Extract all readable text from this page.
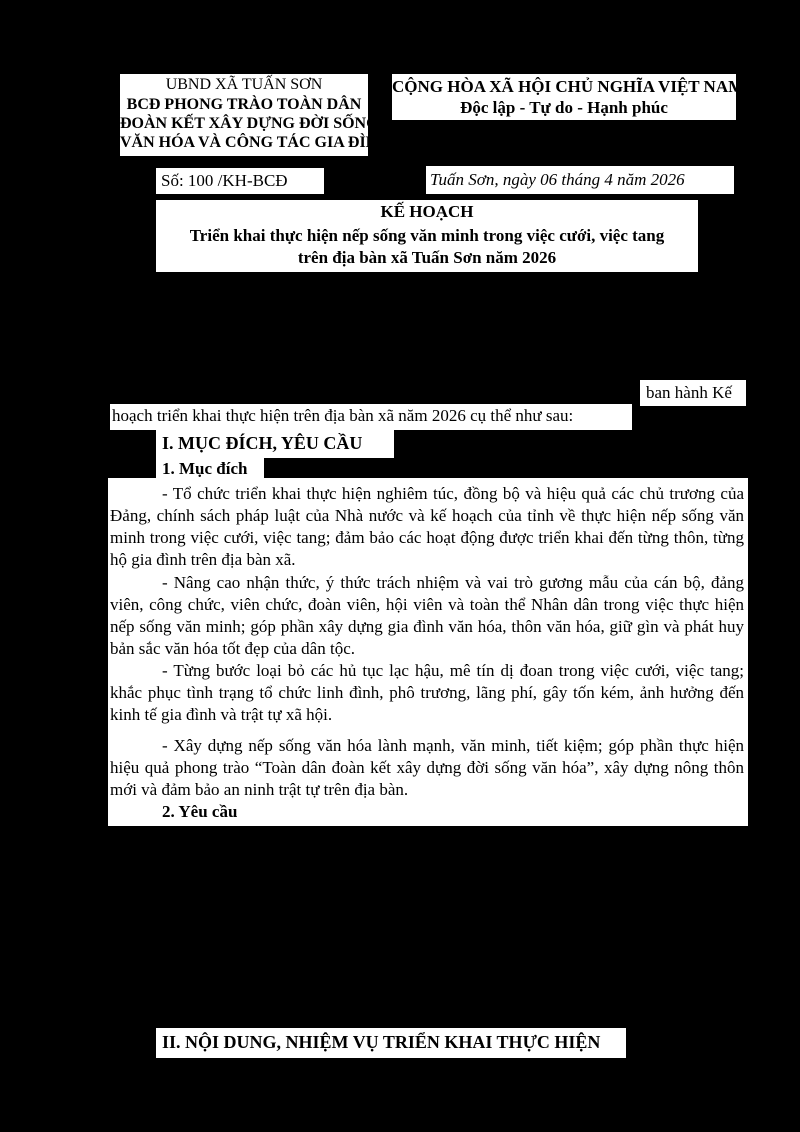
UBND XÃ TUẤN SƠN
BCĐ PHONG TRÀO TOÀN DÂN
ĐOÀN KẾT XÂY DỰNG ĐỜI SỐNG
VĂN HÓA VÀ CÔNG TÁC GIA ĐÌNH
CỘNG HÒA XÃ HỘI CHỦ NGHĨA VIỆT NAM
Độc lập - Tự do - Hạnh phúc
Số: 100 /KH-BCĐ	Tuấn Sơn, ngày 06 tháng 4 năm 2026
KẾ HOẠCH
Triển khai thực hiện nếp sống văn minh trong việc cưới, việc tang
trên địa bàn xã Tuấn Sơn năm 2026
ban hành Kế
hoạch triển khai thực hiện trên địa bàn xã năm 2026 cụ thể như sau:
I. MỤC ĐÍCH, YÊU CẦU
1. Mục đích

- Tổ chức triển khai thực hiện nghiêm túc, đồng bộ và hiệu quả các chủ trương của Đảng, chính sách pháp luật của Nhà nước và kế hoạch của tỉnh về thực hiện nếp sống văn minh trong việc cưới, việc tang; đảm bảo các hoạt động được triển khai đến từng thôn, từng hộ gia đình trên địa bàn xã.

- Nâng cao nhận thức, ý thức trách nhiệm và vai trò gương mẫu của cán bộ, đảng viên, công chức, viên chức, đoàn viên, hội viên và toàn thể Nhân dân trong việc thực hiện nếp sống văn minh; góp phần xây dựng gia đình văn hóa, thôn văn hóa, giữ gìn và phát huy bản sắc văn hóa tốt đẹp của dân tộc.

- Từng bước loại bỏ các hủ tục lạc hậu, mê tín dị đoan trong việc cưới, việc tang; khắc phục tình trạng tổ chức linh đình, phô trương, lãng phí, gây tốn kém, ảnh hưởng đến kinh tế gia đình và trật tự xã hội.

- Xây dựng nếp sống văn hóa lành mạnh, văn minh, tiết kiệm; góp phần thực hiện hiệu quả phong trào “Toàn dân đoàn kết xây dựng đời sống văn hóa”, xây dựng nông thôn mới và đảm bảo an ninh trật tự trên địa bàn.

2. Yêu cầu
II. NỘI DUNG, NHIỆM VỤ TRIỂN KHAI THỰC HIỆN
